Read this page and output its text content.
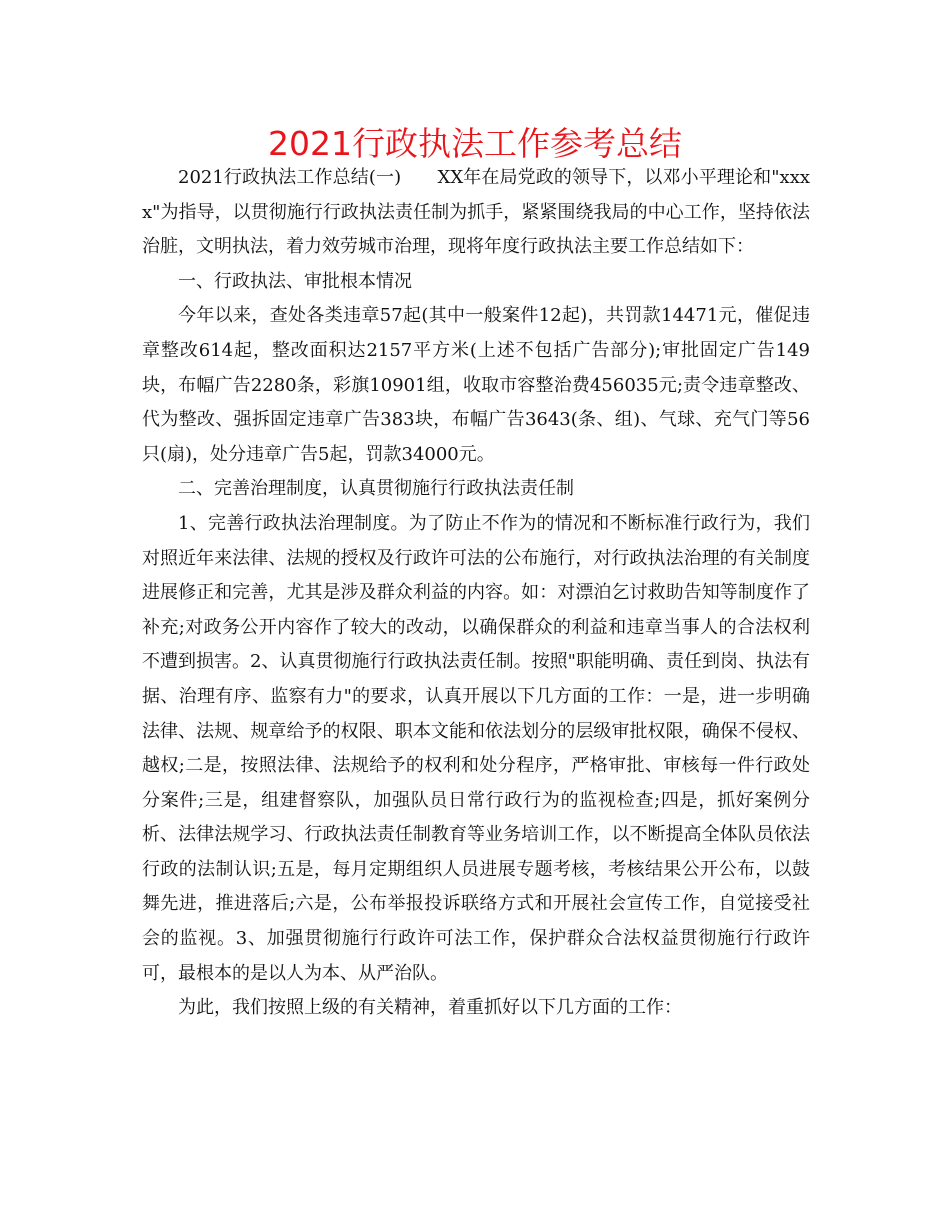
2021行政执法工作参考总结

2021行政执法工作总结(一)　　XX年在局党政的领导下，以邓小平理论和"xxxx"为指导，以贯彻施行行政执法责任制为抓手，紧紧围绕我局的中心工作，坚持依法治脏，文明执法，着力效劳城市治理，现将年度行政执法主要工作总结如下：

一、行政执法、审批根本情况

今年以来，查处各类违章57起(其中一般案件12起)，共罚款14471元，催促违章整改614起，整改面积达2157平方米(上述不包括广告部分);审批固定广告149块，布幅广告2280条，彩旗10901组，收取市容整治费456035元;责令违章整改、代为整改、强拆固定违章广告383块，布幅广告3643(条、组)、气球、充气门等56只(扇)，处分违章广告5起，罚款34000元。

二、完善治理制度，认真贯彻施行行政执法责任制

1、完善行政执法治理制度。为了防止不作为的情况和不断标准行政行为，我们对照近年来法律、法规的授权及行政许可法的公布施行，对行政执法治理的有关制度进展修正和完善，尤其是涉及群众利益的内容。如：对漂泊乞讨救助告知等制度作了补充;对政务公开内容作了较大的改动，以确保群众的利益和违章当事人的合法权利不遭到损害。2、认真贯彻施行行政执法责任制。按照"职能明确、责任到岗、执法有据、治理有序、监察有力"的要求，认真开展以下几方面的工作：一是，进一步明确法律、法规、规章给予的权限、职本文能和依法划分的层级审批权限，确保不侵权、越权;二是，按照法律、法规给予的权利和处分程序，严格审批、审核每一件行政处分案件;三是，组建督察队，加强队员日常行政行为的监视检查;四是，抓好案例分析、法律法规学习、行政执法责任制教育等业务培训工作，以不断提高全体队员依法行政的法制认识;五是，每月定期组织人员进展专题考核，考核结果公开公布，以鼓舞先进，推进落后;六是，公布举报投诉联络方式和开展社会宣传工作，自觉接受社会的监视。3、加强贯彻施行行政许可法工作，保护群众合法权益贯彻施行行政许可，最根本的是以人为本、从严治队。

为此，我们按照上级的有关精神，着重抓好以下几方面的工作：
